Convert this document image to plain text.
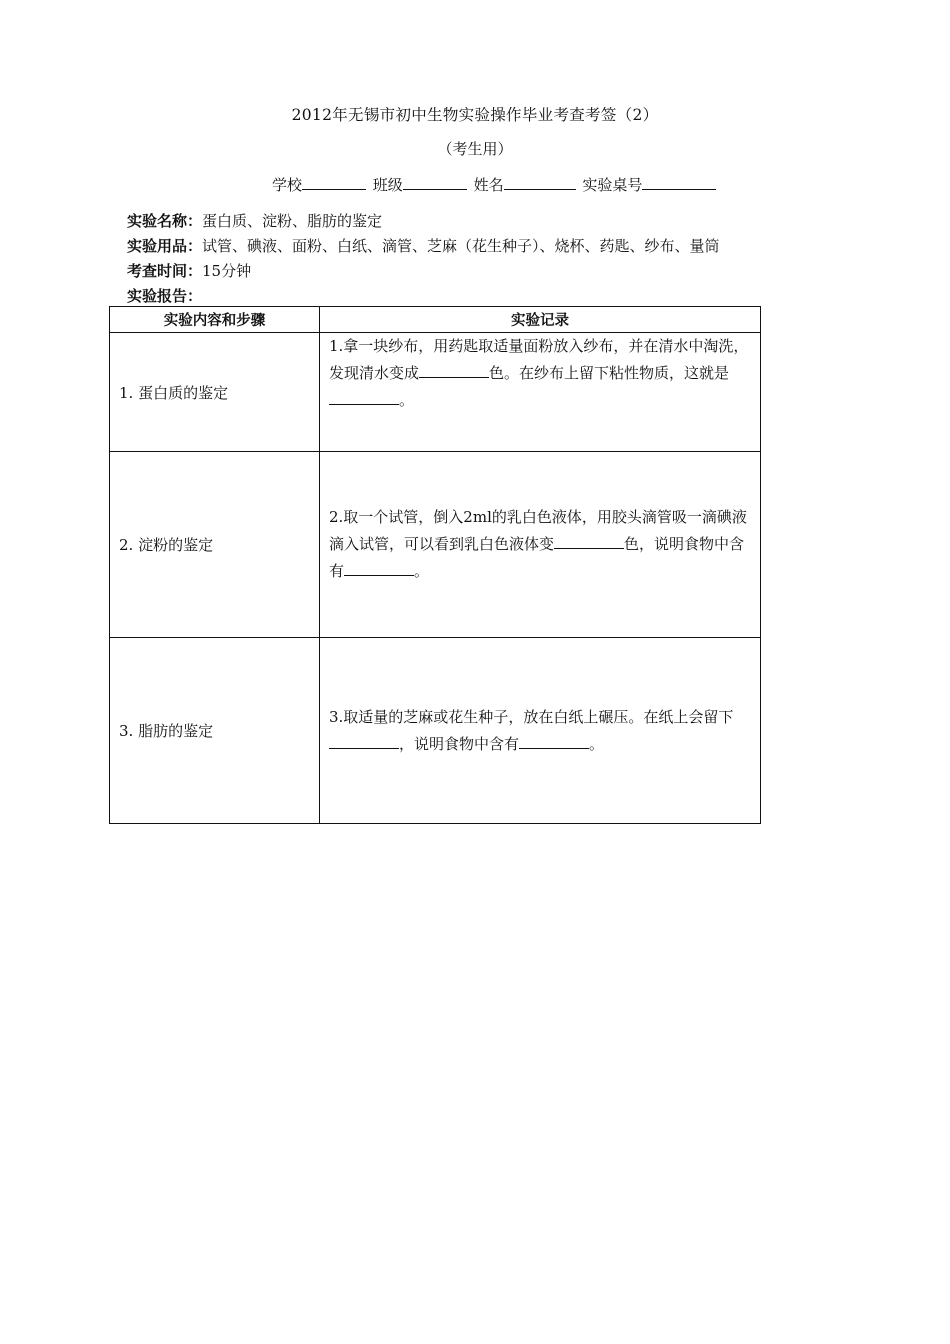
2012年无锡市初中生物实验操作毕业考查考签（2）
（考生用）
学校	班级	姓名	实验桌号
实验名称：蛋白质、淀粉、脂肪的鉴定
实验用品：试管、碘液、面粉、白纸、滴管、芝麻（花生种子）、烧杯、药匙、纱布、量筒
考查时间：15分钟
实验报告：
实验内容和步骤	实验记录
1. 蛋白质的鉴定	1.拿一块纱布，用药匙取适量面粉放入纱布，并在清水中淘洗，发现清水变成 色。在纱布上留下粘性物质，这就是。
2. 淀粉的鉴定	2.取一个试管，倒入2ml的乳白色液体，用胶头滴管吸一滴碘液滴入试管，可以看到乳白色液体变 色，说明食物中含有 。
3. 脂肪的鉴定	3.取适量的芝麻或花生种子，放在白纸上碾压。在纸上会留下，说明食物中含有 。
